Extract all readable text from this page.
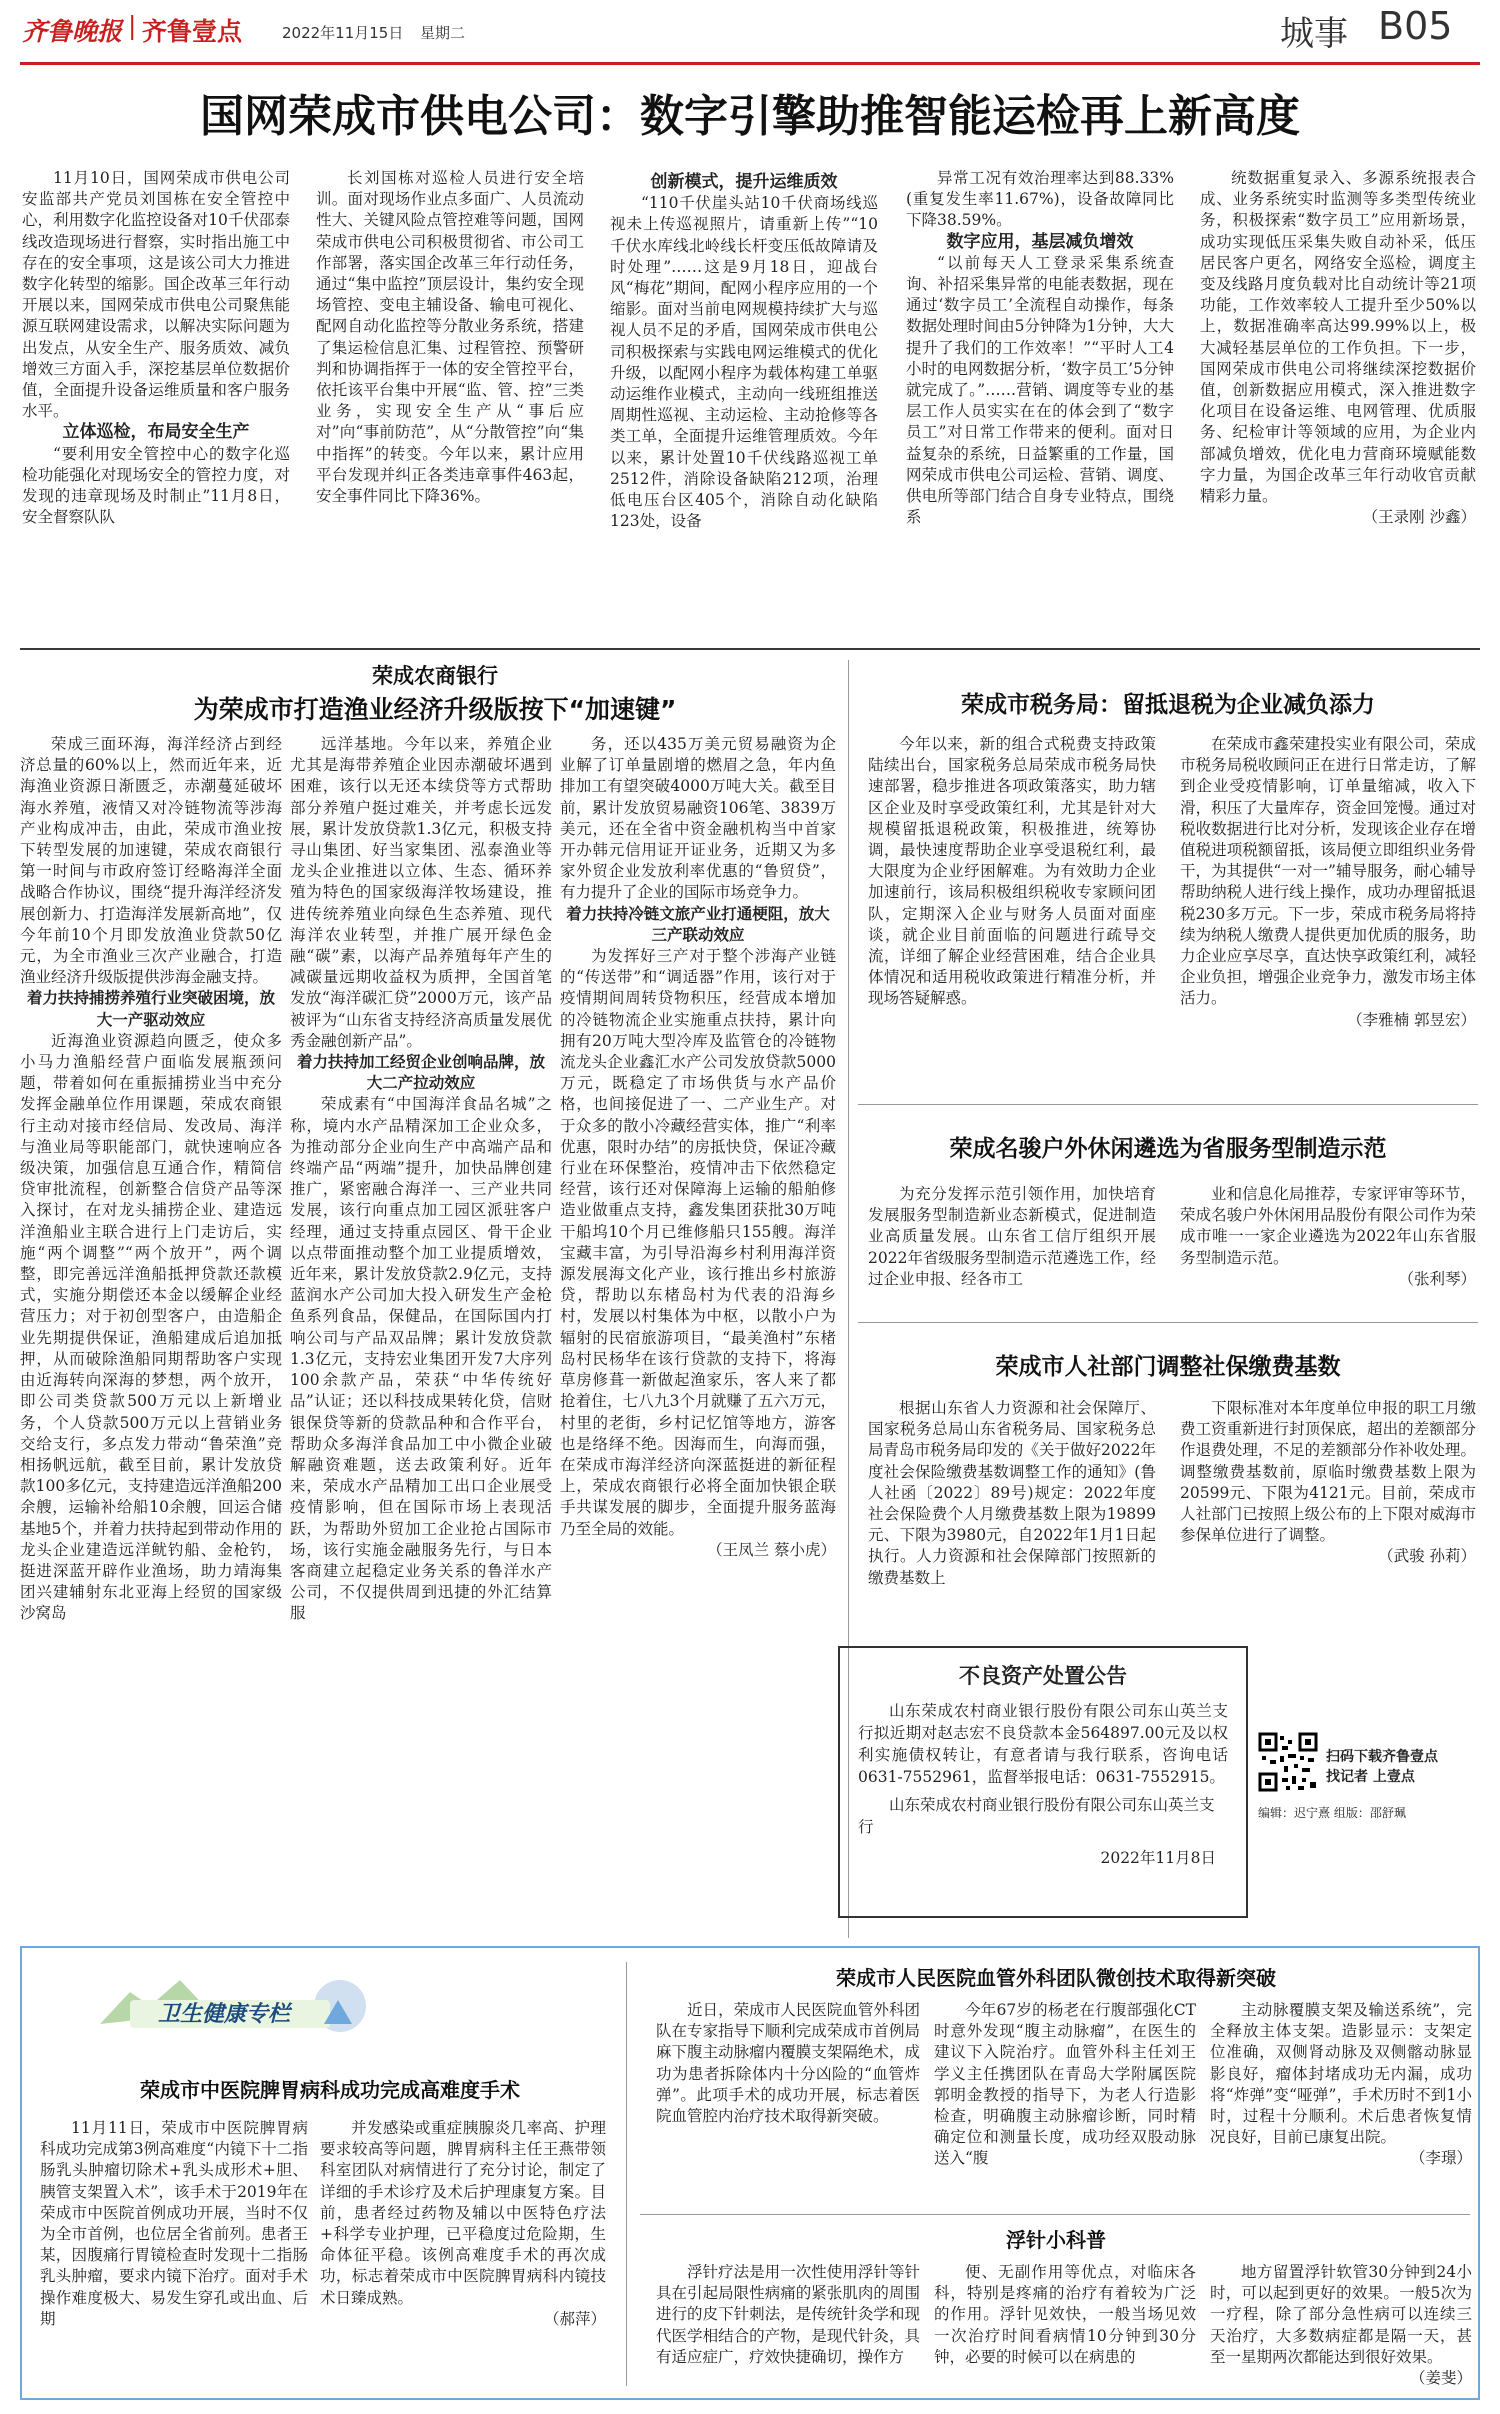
齐鲁晚报 | 齐鲁壹点	2022年11月15日 星期二	城事 B05
国网荣成市供电公司：数字引擎助推智能运检再上新高度

11月10日，国网荣成市供电公司安监部共产党员刘国栋在安全管控中心，利用数字化监控设备对10千伏邵泰线改造现场进行督察，实时指出施工中存在的安全事项，这是该公司大力推进数字化转型的缩影。国企改革三年行动开展以来，国网荣成市供电公司聚焦能源互联网建设需求，以解决实际问题为出发点，从安全生产、服务质效、减负增效三方面入手，深挖基层单位数据价值，全面提升设备运维质量和客户服务水平。

立体巡检，布局安全生产

“要利用安全管控中心的数字化巡检功能强化对现场安全的管控力度，对发现的违章现场及时制止”11月8日，安全督察队队

长刘国栋对巡检人员进行安全培训。面对现场作业点多面广、人员流动性大、关键风险点管控难等问题，国网荣成市供电公司积极贯彻省、市公司工作部署，落实国企改革三年行动任务，通过“集中监控”顶层设计，集约安全现场管控、变电主辅设备、输电可视化、配网自动化监控等分散业务系统，搭建了集运检信息汇集、过程管控、预警研判和协调指挥于一体的安全管控平台，依托该平台集中开展“监、管、控”三类业务，实现安全生产从“事后应对”向“事前防范”，从“分散管控”向“集中指挥”的转变。今年以来，累计应用平台发现并纠正各类违章事件463起，安全事件同比下降36%。

创新模式，提升运维质效

“110千伏崖头站10千伏商场线巡视未上传巡视照片，请重新上传”“10千伏水库线北岭线长杆变压低故障请及时处理”……这是9月18日，迎战台风“梅花”期间，配网小程序应用的一个缩影。面对当前电网规模持续扩大与巡视人员不足的矛盾，国网荣成市供电公司积极探索与实践电网运维模式的优化升级，以配网小程序为载体构建工单驱动运维作业模式，主动向一线班组推送周期性巡视、主动运检、主动抢修等各类工单，全面提升运维管理质效。今年以来，累计处置10千伏线路巡视工单2512件，消除设备缺陷212项，治理低电压台区405个，消除自动化缺陷123处，设备

异常工况有效治理率达到88.33%(重复发生率11.67%)，设备故障同比下降38.59%。

数字应用，基层减负增效

“以前每天人工登录采集系统查询、补招采集异常的电能表数据，现在通过‘数字员工’全流程自动操作，每条数据处理时间由5分钟降为1分钟，大大提升了我们的工作效率！”“平时人工4小时的电网数据分析，‘数字员工’5分钟就完成了。”……营销、调度等专业的基层工作人员实实在在的体会到了“数字员工”对日常工作带来的便利。面对日益复杂的系统，日益繁重的工作量，国网荣成市供电公司运检、营销、调度、供电所等部门结合自身专业特点，围绕系

统数据重复录入、多源系统报表合成、业务系统实时监测等多类型传统业务，积极探索“数字员工”应用新场景，成功实现低压采集失败自动补采，低压居民客户更名，网络安全巡检，调度主变及线路月度负载对比自动统计等21项功能，工作效率较人工提升至少50%以上，数据准确率高达99.99%以上，极大减轻基层单位的工作负担。下一步，国网荣成市供电公司将继续深挖数据价值，创新数据应用模式，深入推进数字化项目在设备运维、电网管理、优质服务、纪检审计等领域的应用，为企业内部减负增效，优化电力营商环境赋能数字力量，为国企改革三年行动收官贡献精彩力量。

（王录刚 沙鑫）

荣成农商银行
为荣成市打造渔业经济升级版按下“加速键”

荣成三面环海，海洋经济占到经济总量的60%以上，然而近年来，近海渔业资源日渐匮乏，赤潮蔓延破坏海水养殖，液情又对冷链物流等涉海产业构成冲击，由此，荣成市渔业按下转型发展的加速键，荣成农商银行第一时间与市政府签订经略海洋全面战略合作协议，围绕“提升海洋经济发展创新力、打造海洋发展新高地”，仅今年前10个月即发放渔业贷款50亿元，为全市渔业三次产业融合，打造渔业经济升级版提供涉海金融支持。

着力扶持捕捞养殖行业突破困境，放大一产驱动效应

近海渔业资源趋向匮乏，使众多小马力渔船经营户面临发展瓶颈问题，带着如何在重振捕捞业当中充分发挥金融单位作用课题，荣成农商银行主动对接市经信局、发改局、海洋与渔业局等职能部门，就快速响应各级决策，加强信息互通合作，精简信贷审批流程，创新整合信贷产品等深入探讨，在对龙头捕捞企业、建造远洋渔船业主联合进行上门走访后，实施“两个调整”“两个放开”，两个调整，即完善远洋渔船抵押贷款还款模式，实施分期偿还本金以缓解企业经营压力；对于初创型客户，由造船企业先期提供保证，渔船建成后追加抵押，从而破除渔船同期帮助客户实现由近海转向深海的梦想，两个放开，即公司类贷款500万元以上新增业务，个人贷款500万元以上营销业务交给支行，多点发力带动“鲁荣渔”竞相扬帆远航，截至目前，累计发放贷款100多亿元，支持建造远洋渔船200余艘，运输补给船10余艘，回运合储基地5个，并着力扶持起到带动作用的龙头企业建造远洋鱿钓船、金枪钓，挺进深蓝开辟作业渔场，助力靖海集团兴建辅射东北亚海上经贸的国家级沙窝岛

远洋基地。今年以来，养殖企业尤其是海带养殖企业因赤潮破坏遇到困难，该行以无还本续贷等方式帮助部分养殖户挺过难关，并考虑长远发展，累计发放贷款1.3亿元，积极支持寻山集团、好当家集团、泓泰渔业等龙头企业推进以立体、生态、循环养殖为特色的国家级海洋牧场建设，推进传统养殖业向绿色生态养殖、现代海洋农业转型，并推广展开绿色金融“碳”素，以海产品养殖每年产生的减碳量远期收益权为质押，全国首笔发放“海洋碳汇贷”2000万元，该产品被评为“山东省支持经济高质量发展优秀金融创新产品”。

着力扶持加工经贸企业创响品牌，放大二产拉动效应

荣成素有“中国海洋食品名城”之称，境内水产品精深加工企业众多，为推动部分企业向生产中高端产品和终端产品“两端”提升，加快品牌创建推广，紧密融合海洋一、三产业共同发展，该行向重点加工园区派驻客户经理，通过支持重点园区、骨干企业以点带面推动整个加工业提质增效，近年来，累计发放贷款2.9亿元，支持蓝润水产公司加大投入研发生产金枪鱼系列食品，保健品，在国际国内打响公司与产品双品牌；累计发放贷款1.3亿元，支持宏业集团开发7大序列100余款产品，荣获“中华传统好品”认证；还以科技成果转化贷，信财银保贷等新的贷款品种和合作平台，帮助众多海洋食品加工中小微企业破解融资难题，送去政策利好。近年来，荣成水产品精加工出口企业展受疫情影响，但在国际市场上表现活跃，为帮助外贸加工企业抢占国际市场，该行实施金融服务先行，与日本客商建立起稳定业务关系的鲁洋水产公司，不仅提供周到迅捷的外汇结算服

务，还以435万美元贸易融资为企业解了订单量剧增的燃眉之急，年内鱼排加工有望突破4000万吨大关。截至目前，累计发放贸易融资106笔、3839万美元，还在全省中资金融机构当中首家开办韩元信用证开证业务，近期又为多家外贸企业发放利率优惠的“鲁贸贷”，有力提升了企业的国际市场竞争力。

着力扶持冷链文旅产业打通梗阻，放大三产联动效应

为发挥好三产对于整个涉海产业链的“传送带”和“调适器”作用，该行对于疫情期间周转贷物积压，经营成本增加的冷链物流企业实施重点扶持，累计向拥有20万吨大型冷库及监管仓的冷链物流龙头企业鑫汇水产公司发放贷款5000万元，既稳定了市场供货与水产品价格，也间接促进了一、二产业生产。对于众多的散小冷藏经营实体，推广“利率优惠，限时办结”的房抵快贷，保证冷藏行业在环保整治，疫情冲击下依然稳定经营，该行还对保障海上运输的船舶修造业做重点支持，鑫发集团获批30万吨干船坞10个月已维修船只155艘。海洋宝藏丰富，为引导沿海乡村利用海洋资源发展海文化产业，该行推出乡村旅游贷，帮助以东楮岛村为代表的沿海乡村，发展以村集体为中枢，以散小户为辐射的民宿旅游项目，“最美渔村”东楮岛村民杨华在该行贷款的支持下，将海草房修葺一新做起渔家乐，客人来了都抢着住，七八九3个月就赚了五六万元，村里的老街，乡村记忆馆等地方，游客也是络绎不绝。因海而生，向海而强，在荣成市海洋经济向深蓝挺进的新征程上，荣成农商银行必将全面加快银企联手共谋发展的脚步，全面提升服务蓝海乃至全局的效能。

（王凤兰 蔡小虎）

荣成市税务局：留抵退税为企业减负添力

今年以来，新的组合式税费支持政策陆续出台，国家税务总局荣成市税务局快速部署，稳步推进各项政策落实，助力辖区企业及时享受政策红利，尤其是针对大规模留抵退税政策，积极推进，统筹协调，最快速度帮助企业享受退税红利，最大限度为企业纾困解难。为有效助力企业加速前行，该局积极组织税收专家顾问团队，定期深入企业与财务人员面对面座谈，就企业目前面临的问题进行疏导交流，详细了解企业经营困难，结合企业具体情况和适用税收政策进行精准分析，并现场答疑解惑。

在荣成市鑫荣建投实业有限公司，荣成市税务局税收顾问正在进行日常走访，了解到企业受疫情影响，订单量缩减，收入下滑，积压了大量库存，资金回笼慢。通过对税收数据进行比对分析，发现该企业存在增值税进项税额留抵，该局便立即组织业务骨干，为其提供“一对一”辅导服务，耐心辅导帮助纳税人进行线上操作，成功办理留抵退税230多万元。下一步，荣成市税务局将持续为纳税人缴费人提供更加优质的服务，助力企业应享尽享，直达快享政策红利，减轻企业负担，增强企业竞争力，激发市场主体活力。

（李雅楠 郭昱宏）

荣成名骏户外休闲遴选为省服务型制造示范

为充分发挥示范引领作用，加快培育发展服务型制造新业态新模式，促进制造业高质量发展。山东省工信厅组织开展2022年省级服务型制造示范遴选工作，经过企业申报、经各市工

业和信息化局推荐，专家评审等环节，荣成名骏户外休闲用品股份有限公司作为荣成市唯一一家企业遴选为2022年山东省服务型制造示范。

（张利琴）

荣成市人社部门调整社保缴费基数

根据山东省人力资源和社会保障厅、国家税务总局山东省税务局、国家税务总局青岛市税务局印发的《关于做好2022年度社会保险缴费基数调整工作的通知》(鲁人社函〔2022〕89号)规定：2022年度社会保险费个人月缴费基数上限为19899元、下限为3980元，自2022年1月1日起执行。人力资源和社会保障部门按照新的缴费基数上

下限标准对本年度单位申报的职工月缴费工资重新进行封顶保底，超出的差额部分作退费处理，不足的差额部分作补收处理。调整缴费基数前，原临时缴费基数上限为20599元、下限为4121元。目前，荣成市人社部门已按照上级公布的上下限对威海市参保单位进行了调整。

（武骏 孙莉）

不良资产处置公告
山东荣成农村商业银行股份有限公司东山英兰支行拟近期对赵志宏不良贷款本金564897.00元及以权利实施债权转让，有意者请与我行联系，咨询电话0631-7552961，监督举报电话：0631-7552915。
山东荣成农村商业银行股份有限公司东山英兰支行
2022年11月8日
扫码下载齐鲁壹点
找记者 上壹点
编辑：迟宁熹 组版：邵舒珮
卫生健康专栏
荣成市中医院脾胃病科成功完成高难度手术

11月11日，荣成市中医院脾胃病科成功完成第3例高难度“内镜下十二指肠乳头肿瘤切除术+乳头成形术+胆、胰管支架置入术”，该手术于2019年在荣成市中医院首例成功开展，当时不仅为全市首例，也位居全省前列。患者王某，因腹痛行胃镜检查时发现十二指肠乳头肿瘤，要求内镜下治疗。面对手术操作难度极大、易发生穿孔或出血、后期

并发感染或重症胰腺炎几率高、护理要求较高等问题，脾胃病科主任王燕带领科室团队对病情进行了充分讨论，制定了详细的手术诊疗及术后护理康复方案。目前，患者经过药物及辅以中医特色疗法+科学专业护理，已平稳度过危险期，生命体征平稳。该例高难度手术的再次成功，标志着荣成市中医院脾胃病科内镜技术日臻成熟。

（郝萍）

荣成市人民医院血管外科团队微创技术取得新突破

近日，荣成市人民医院血管外科团队在专家指导下顺利完成荣成市首例局麻下腹主动脉瘤内覆膜支架隔绝术，成功为患者拆除体内十分凶险的“血管炸弹”。此项手术的成功开展，标志着医院血管腔内治疗技术取得新突破。

今年67岁的杨老在行腹部强化CT时意外发现“腹主动脉瘤”，在医生的建议下入院治疗。血管外科主任刘王学义主任携团队在青岛大学附属医院郭明金教授的指导下，为老人行造影检查，明确腹主动脉瘤诊断，同时精确定位和测量长度，成功经双股动脉送入“腹

主动脉覆膜支架及输送系统”，完全释放主体支架。造影显示：支架定位准确，双侧肾动脉及双侧髂动脉显影良好，瘤体封堵成功无内漏，成功将“炸弹”变“哑弹”，手术历时不到1小时，过程十分顺利。术后患者恢复情况良好，目前已康复出院。

（李璟）

浮针小科普

浮针疗法是用一次性使用浮针等针具在引起局限性病痛的紧张肌肉的周围进行的皮下针刺法，是传统针灸学和现代医学相结合的产物，是现代针灸，具有适应症广，疗效快捷确切，操作方

便、无副作用等优点，对临床各科，特别是疼痛的治疗有着较为广泛的作用。浮针见效快，一般当场见效一次治疗时间看病情10分钟到30分钟，必要的时候可以在病患的

地方留置浮针软管30分钟到24小时，可以起到更好的效果。一般5次为一疗程，除了部分急性病可以连续三天治疗，大多数病症都是隔一天，甚至一星期两次都能达到很好效果。

（姜斐）
